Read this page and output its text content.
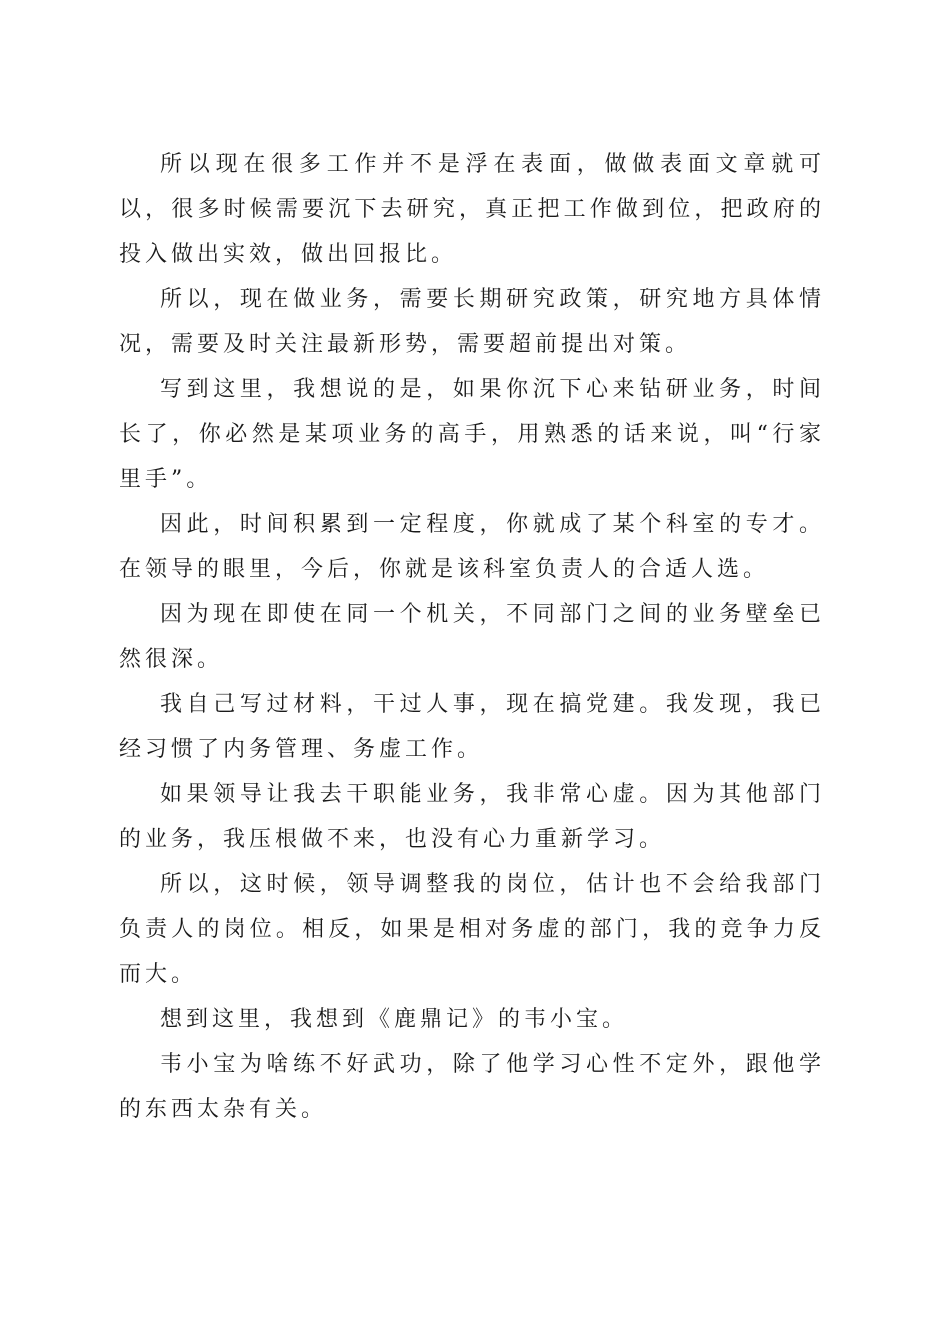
所以现在很多工作并不是浮在表面，做做表面文章就可以，很多时候需要沉下去研究，真正把工作做到位，把政府的投入做出实效，做出回报比。

所以，现在做业务，需要长期研究政策，研究地方具体情况，需要及时关注最新形势，需要超前提出对策。

写到这里，我想说的是，如果你沉下心来钻研业务，时间长了，你必然是某项业务的高手，用熟悉的话来说，叫“行家里手”。

因此，时间积累到一定程度，你就成了某个科室的专才。在领导的眼里，今后，你就是该科室负责人的合适人选。

因为现在即使在同一个机关，不同部门之间的业务壁垒已然很深。

我自己写过材料，干过人事，现在搞党建。我发现，我已经习惯了内务管理、务虚工作。

如果领导让我去干职能业务，我非常心虚。因为其他部门的业务，我压根做不来，也没有心力重新学习。

所以，这时候，领导调整我的岗位，估计也不会给我部门负责人的岗位。相反，如果是相对务虚的部门，我的竞争力反而大。

想到这里，我想到《鹿鼎记》的韦小宝。

韦小宝为啥练不好武功，除了他学习心性不定外，跟他学的东西太杂有关。
